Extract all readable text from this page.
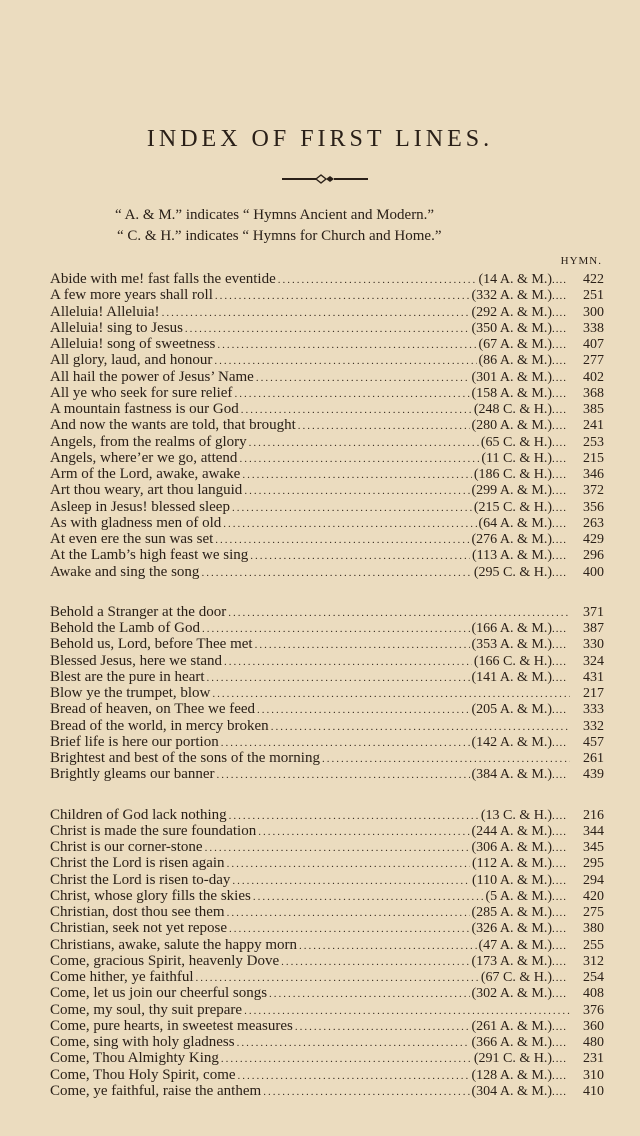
INDEX OF FIRST LINES.
“ A. & M.” indicates “ Hymns Ancient and Modern.”
“ C. & H.” indicates “ Hymns for Church and Home.”
HYMN.
Abide with me! fast falls the eventide .....	(14 A. & M.) ....	422
A few more years shall roll .....	(332 A. & M.) ....	251
Alleluia! Alleluia! .....	(292 A. & M.) ....	300
Alleluia! sing to Jesus .....	(350 A. & M.) ....	338
Alleluia! song of sweetness .....	(67 A. & M.) ....	407
All glory, laud, and honour .....	(86 A. & M.) ....	277
All hail the power of Jesus’ Name .....	(301 A. & M.) ....	402
All ye who seek for sure relief .....	(158 A. & M.) ....	368
A mountain fastness is our God .....	(248 C. & H.) ....	385
And now the wants are told, that brought .....	(280 A. & M.) ....	241
Angels, from the realms of glory .....	(65 C. & H.) ....	253
Angels, where’er we go, attend .....	(11 C. & H.) ....	215
Arm of the Lord, awake, awake .....	(186 C. & H.) ....	346
Art thou weary, art thou languid .....	(299 A. & M.) ....	372
Asleep in Jesus! blessed sleep .....	(215 C. & H.) ....	356
As with gladness men of old .....	(64 A. & M.) ....	263
At even ere the sun was set .....	(276 A. & M.) ....	429
At the Lamb’s high feast we sing .....	(113 A. & M.) ....	296
Awake and sing the song .....	(295 C. & H.) ....	400
Behold a Stranger at the door .....	371
Behold the Lamb of God .....	(166 A. & M.) ....	387
Behold us, Lord, before Thee met .....	(353 A. & M.) ....	330
Blessed Jesus, here we stand .....	(166 C. & H.) ....	324
Blest are the pure in heart .....	(141 A. & M.) ....	431
Blow ye the trumpet, blow .....	217
Bread of heaven, on Thee we feed .....	(205 A. & M.) ....	333
Bread of the world, in mercy broken .....	332
Brief life is here our portion .....	(142 A. & M.) ....	457
Brightest and best of the sons of the morning .....	261
Brightly gleams our banner .....	(384 A. & M.) ....	439
Children of God lack nothing .....	(13 C. & H.) ....	216
Christ is made the sure foundation .....	(244 A. & M.) ....	344
Christ is our corner-stone .....	(306 A. & M.) ....	345
Christ the Lord is risen again .....	(112 A. & M.) ....	295
Christ the Lord is risen to-day .....	(110 A. & M.) ....	294
Christ, whose glory fills the skies .....	(5 A. & M.) ....	420
Christian, dost thou see them .....	(285 A. & M.) ....	275
Christian, seek not yet repose .....	(326 A. & M.) ....	380
Christians, awake, salute the happy morn .....	(47 A. & M.) ....	255
Come, gracious Spirit, heavenly Dove .....	(173 A. & M.) ....	312
Come hither, ye faithful .....	(67 C. & H.) ....	254
Come, let us join our cheerful songs .....	(302 A. & M.) ....	408
Come, my soul, thy suit prepare .....	376
Come, pure hearts, in sweetest measures .....	(261 A. & M.) ....	360
Come, sing with holy gladness .....	(366 A. & M.) ....	480
Come, Thou Almighty King .....	(291 C. & H.) ....	231
Come, Thou Holy Spirit, come .....	(128 A. & M.) ....	310
Come, ye faithful, raise the anthem .....	(304 A. & M.) ....	410
